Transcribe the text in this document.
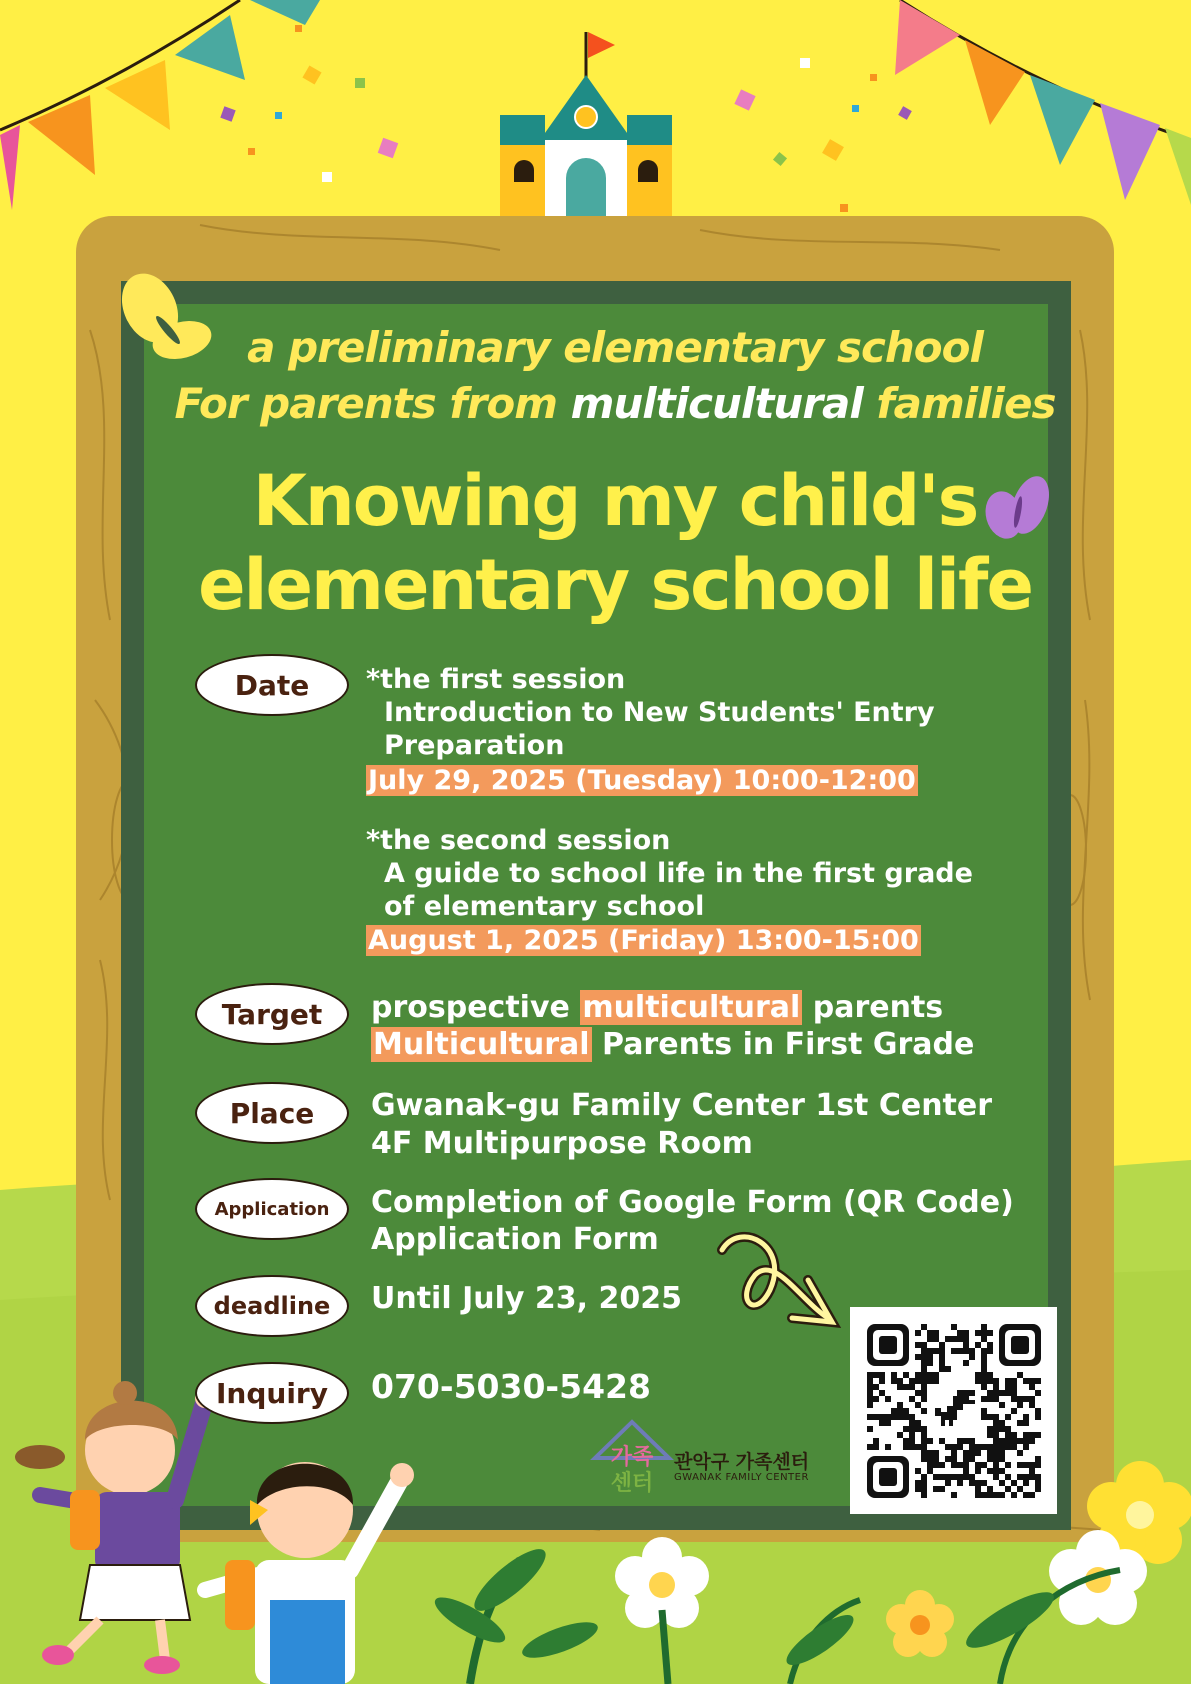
a preliminary elementary school
For parents from multicultural families
Knowing my child's
elementary school life
Date	*the first session
Introduction to New Students' Entry
Preparation
July 29, 2025 (Tuesday) 10:00-12:00
*the second session
A guide to school life in the first grade
of elementary school
August 1, 2025 (Friday) 13:00-15:00
Target	prospective multicultural parents
Multicultural Parents in First Grade
Place	Gwanak-gu Family Center 1st Center
4F Multipurpose Room
Application	Completion of Google Form (QR Code)
Application Form
deadline	Until July 23, 2025
Inquiry	070-5030-5428
가족
센터
관악구 가족센터
GWANAK FAMILY CENTER
